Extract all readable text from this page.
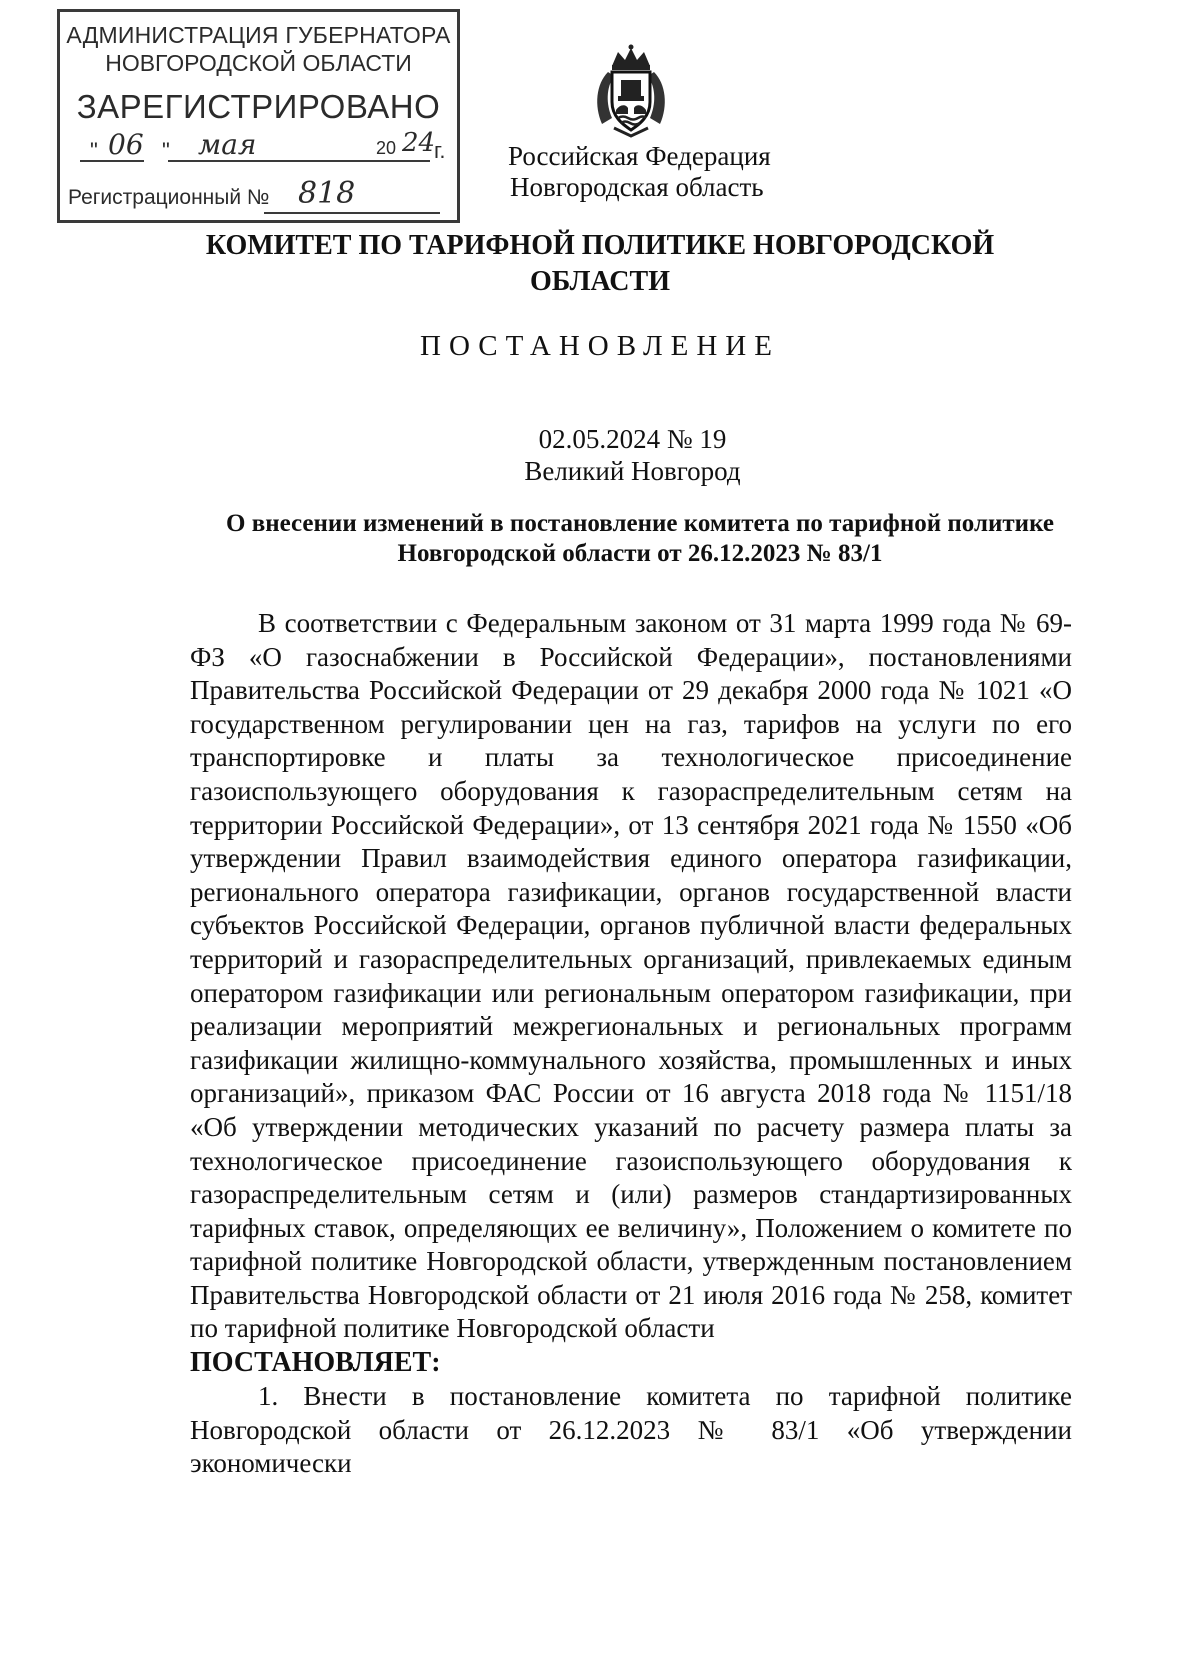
АДМИНИСТРАЦИЯ ГУБЕРНАТОРА
НОВГОРОДСКОЙ ОБЛАСТИ
ЗАРЕГИСТРИРОВАНО
" 06 " мая	20 24
г.
Регистрационный № 818
Российская Федерация
Новгородская область
КОМИТЕТ ПО ТАРИФНОЙ ПОЛИТИКЕ НОВГОРОДСКОЙ ОБЛАСТИ
ПОСТАНОВЛЕНИЕ
02.05.2024 № 19
Великий Новгород
О внесении изменений в постановление комитета по тарифной политике Новгородской области от 26.12.2023 № 83/1

В соответствии с Федеральным законом от 31 марта 1999 года № 69-ФЗ «О газоснабжении в Российской Федерации», постановлениями Правительства Российской Федерации от 29 декабря 2000 года № 1021 «О государственном регулировании цен на газ, тарифов на услуги по его транспортировке и платы за технологическое присоединение газоиспользующего оборудования к газораспределительным сетям на территории Российской Федерации», от 13 сентября 2021 года № 1550 «Об утверждении Правил взаимодействия единого оператора газификации, регионального оператора газификации, органов государственной власти субъектов Российской Федерации, органов публичной власти федеральных территорий и газораспределительных организаций, привлекаемых единым оператором газификации или региональным оператором газификации, при реализации мероприятий межрегиональных и региональных программ газификации жилищно-коммунального хозяйства, промышленных и иных организаций», приказом ФАС России от 16 августа 2018 года № 1151/18 «Об утверждении методических указаний по расчету размера платы за технологическое присоединение газоиспользующего оборудования к газораспределительным сетям и (или) размеров стандартизированных тарифных ставок, определяющих ее величину», Положением о комитете по тарифной политике Новгородской области, утвержденным постановлением Правительства Новгородской области от 21 июля 2016 года № 258, комитет по тарифной политике Новгородской области

ПОСТАНОВЛЯЕТ:

1. Внести в постановление комитета по тарифной политике Новгородской области от 26.12.2023 № 83/1 «Об утверждении экономически
